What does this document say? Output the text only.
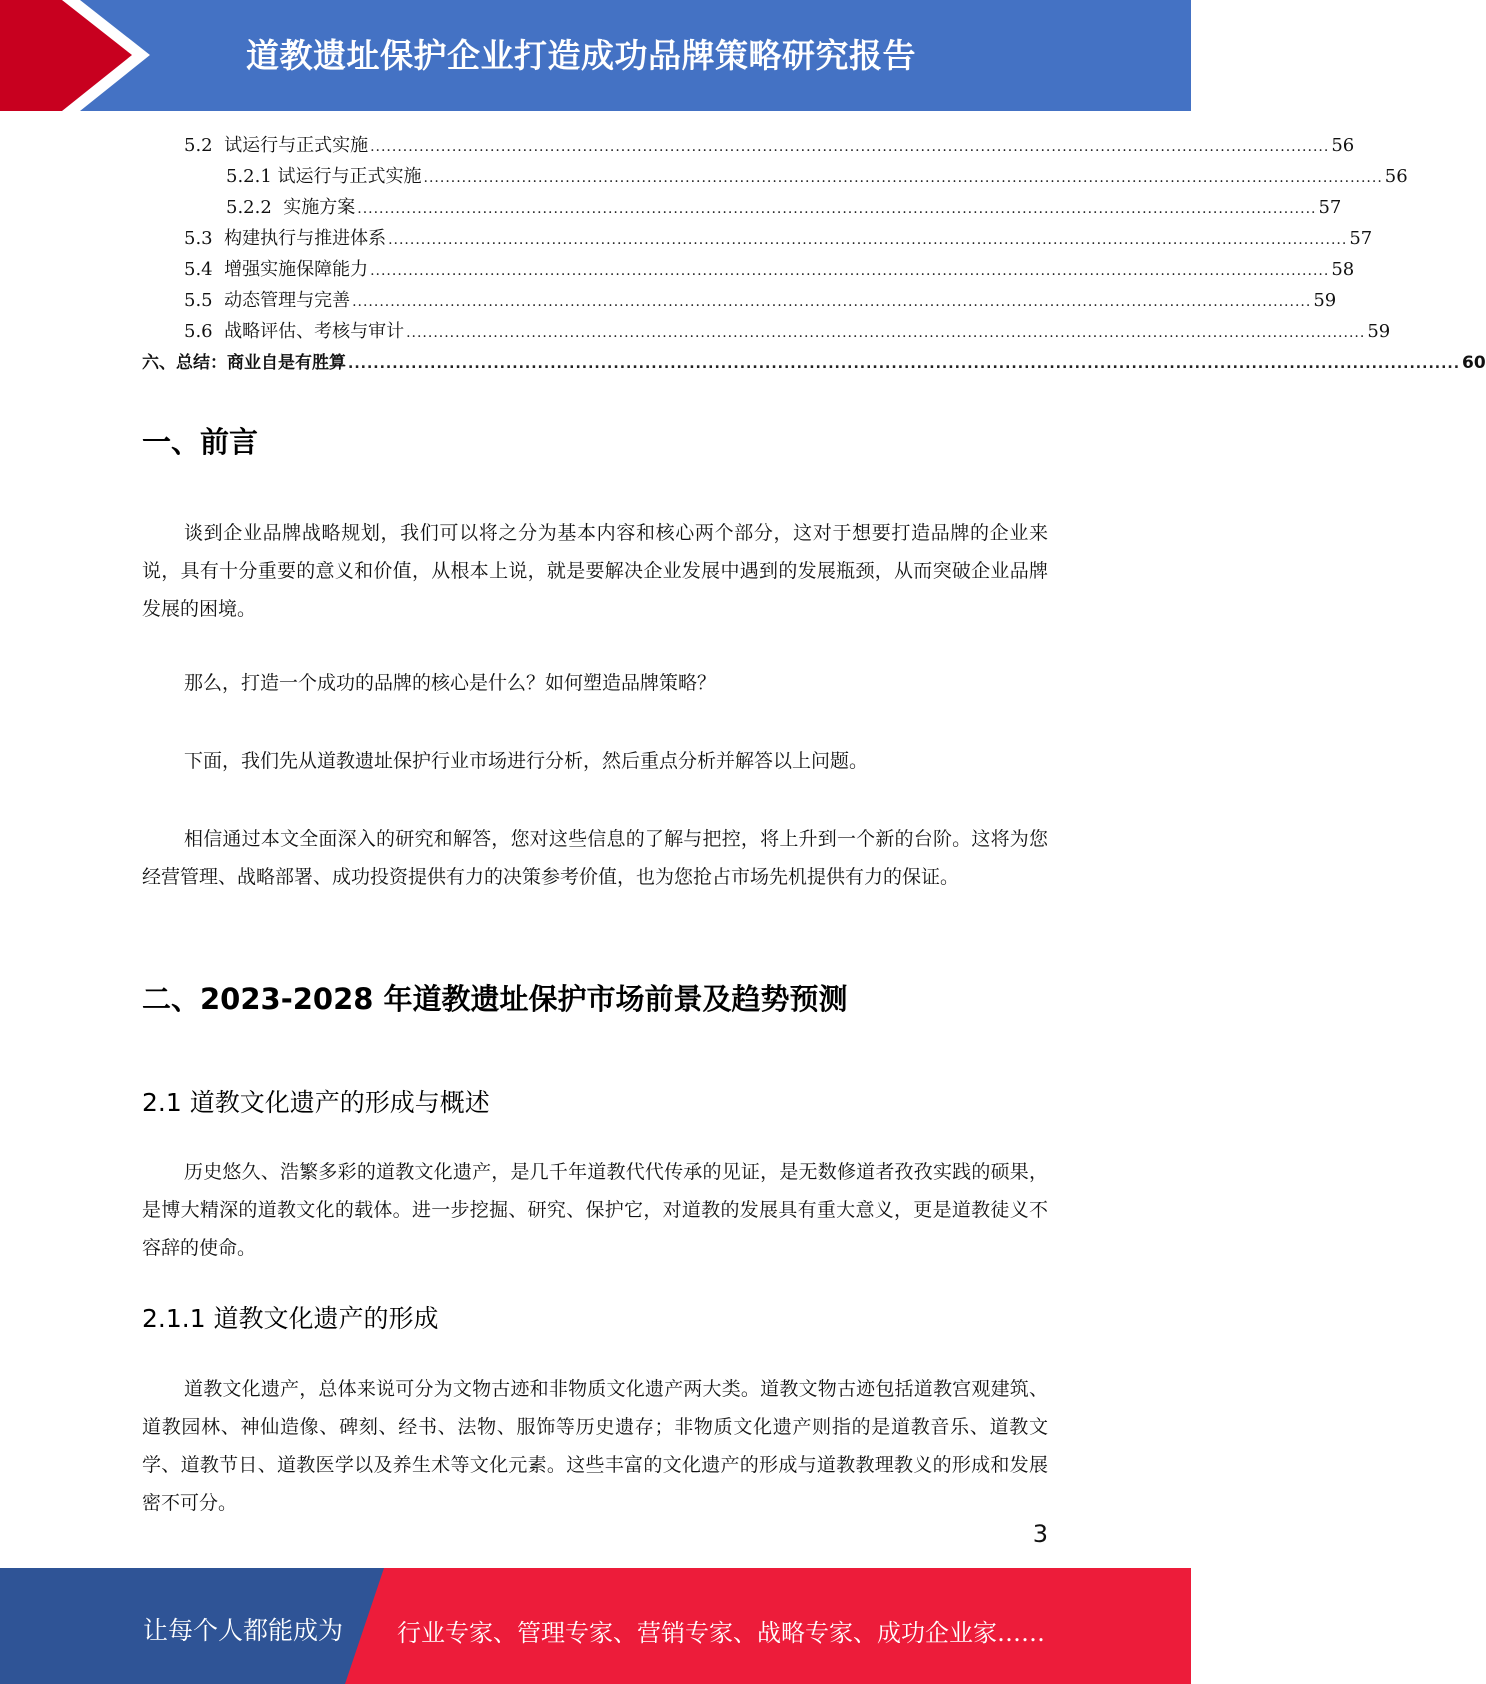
道教遗址保护企业打造成功品牌策略研究报告
5.2  试运行与正式实施 ................................................................................................................................................................................ 56
5.2.1 试运行与正式实施 ................................................................................................................................................................................ 56
5.2.2  实施方案 ................................................................................................................................................................................ 57
5.3  构建执行与推进体系 ................................................................................................................................................................................ 57
5.4  增强实施保障能力 ................................................................................................................................................................................ 58
5.5  动态管理与完善 ................................................................................................................................................................................ 59
5.6  战略评估、考核与审计 ................................................................................................................................................................................ 59
六、总结：商业自是有胜算 ................................................................................................................................................................................ 60
一、前言
谈到企业品牌战略规划，我们可以将之分为基本内容和核心两个部分，这对于想要打造品牌的企业来说，具有十分重要的意义和价值，从根本上说，就是要解决企业发展中遇到的发展瓶颈，从而突破企业品牌发展的困境。
那么，打造一个成功的品牌的核心是什么？如何塑造品牌策略？
下面，我们先从道教遗址保护行业市场进行分析，然后重点分析并解答以上问题。
相信通过本文全面深入的研究和解答，您对这些信息的了解与把控，将上升到一个新的台阶。这将为您经营管理、战略部署、成功投资提供有力的决策参考价值，也为您抢占市场先机提供有力的保证。
二、2023-2028 年道教遗址保护市场前景及趋势预测
2.1 道教文化遗产的形成与概述
历史悠久、浩繁多彩的道教文化遗产，是几千年道教代代传承的见证，是无数修道者孜孜实践的硕果，是博大精深的道教文化的载体。进一步挖掘、研究、保护它，对道教的发展具有重大意义，更是道教徒义不容辞的使命。
2.1.1 道教文化遗产的形成
道教文化遗产，总体来说可分为文物古迹和非物质文化遗产两大类。道教文物古迹包括道教宫观建筑、道教园林、神仙造像、碑刻、经书、法物、服饰等历史遗存；非物质文化遗产则指的是道教音乐、道教文学、道教节日、道教医学以及养生术等文化元素。这些丰富的文化遗产的形成与道教教理教义的形成和发展密不可分。
3
让每个人都能成为 行业专家、管理专家、营销专家、战略专家、成功企业家……
